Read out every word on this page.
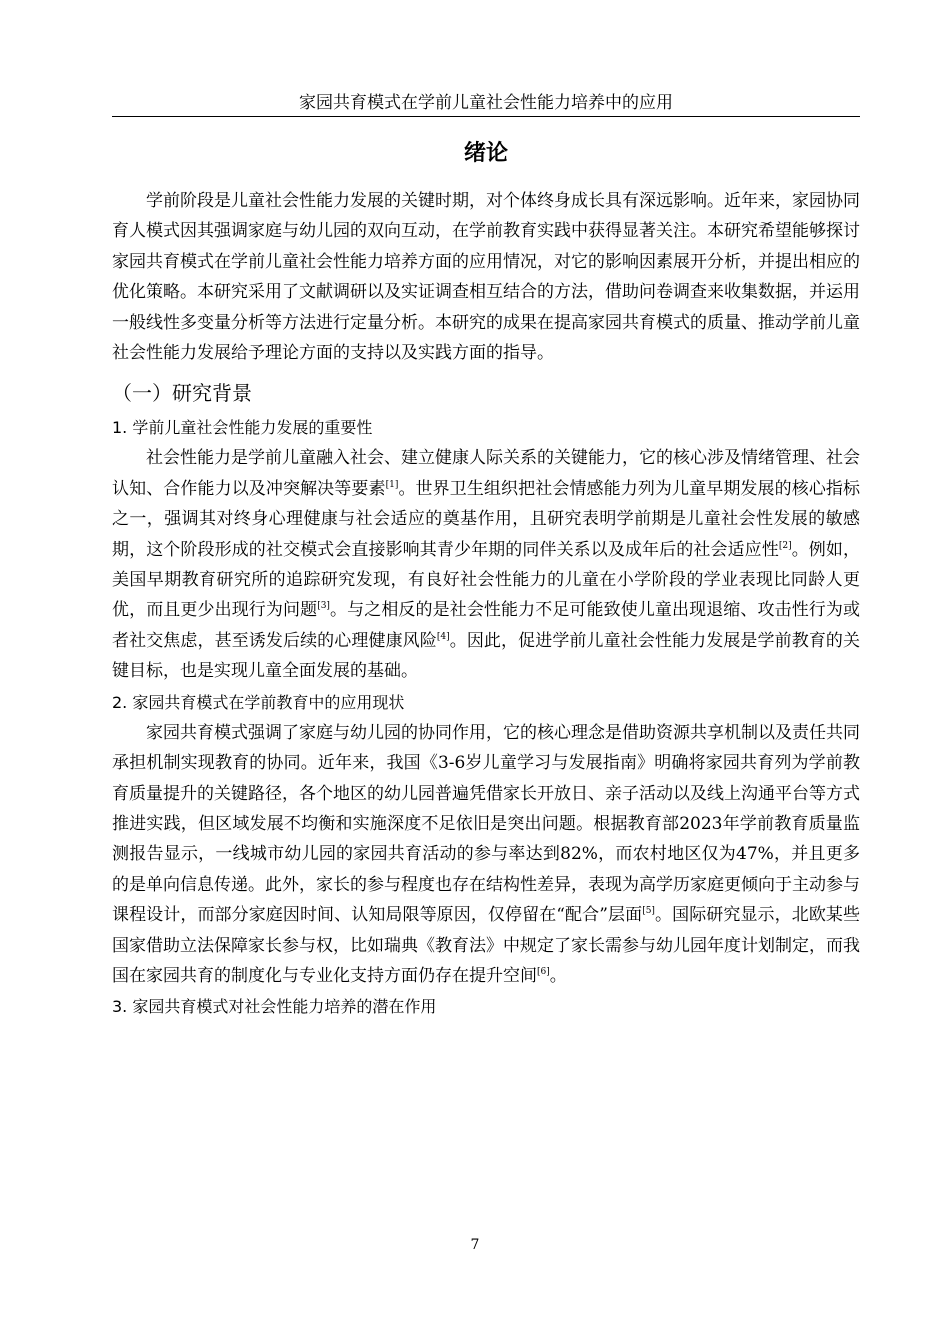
家园共育模式在学前儿童社会性能力培养中的应用
绪论

学前阶段是儿童社会性能力发展的关键时期，对个体终身成长具有深远影响。近年来，家园协同育人模式因其强调家庭与幼儿园的双向互动，在学前教育实践中获得显著关注。本研究希望能够探讨家园共育模式在学前儿童社会性能力培养方面的应用情况，对它的影响因素展开分析，并提出相应的优化策略。本研究采用了文献调研以及实证调查相互结合的方法，借助问卷调查来收集数据，并运用一般线性多变量分析等方法进行定量分析。本研究的成果在提高家园共育模式的质量、推动学前儿童社会性能力发展给予理论方面的支持以及实践方面的指导。

（一）研究背景
1. 学前儿童社会性能力发展的重要性

社会性能力是学前儿童融入社会、建立健康人际关系的关键能力，它的核心涉及情绪管理、社会认知、合作能力以及冲突解决等要素[1]。世界卫生组织把社会情感能力列为儿童早期发展的核心指标之一，强调其对终身心理健康与社会适应的奠基作用，且研究表明学前期是儿童社会性发展的敏感期，这个阶段形成的社交模式会直接影响其青少年期的同伴关系以及成年后的社会适应性[2]。例如，美国早期教育研究所的追踪研究发现，有良好社会性能力的儿童在小学阶段的学业表现比同龄人更优，而且更少出现行为问题[3]。与之相反的是社会性能力不足可能致使儿童出现退缩、攻击性行为或者社交焦虑，甚至诱发后续的心理健康风险[4]。因此，促进学前儿童社会性能力发展是学前教育的关键目标，也是实现儿童全面发展的基础。

2. 家园共育模式在学前教育中的应用现状

家园共育模式强调了家庭与幼儿园的协同作用，它的核心理念是借助资源共享机制以及责任共同承担机制实现教育的协同。近年来，我国《3-6岁儿童学习与发展指南》明确将家园共育列为学前教育质量提升的关键路径，各个地区的幼儿园普遍凭借家长开放日、亲子活动以及线上沟通平台等方式推进实践，但区域发展不均衡和实施深度不足依旧是突出问题。根据教育部2023年学前教育质量监测报告显示，一线城市幼儿园的家园共育活动的参与率达到82%，而农村地区仅为47%，并且更多的是单向信息传递。此外，家长的参与程度也存在结构性差异，表现为高学历家庭更倾向于主动参与课程设计，而部分家庭因时间、认知局限等原因，仅停留在“配合”层面[5]。国际研究显示，北欧某些国家借助立法保障家长参与权，比如瑞典《教育法》中规定了家长需参与幼儿园年度计划制定，而我国在家园共育的制度化与专业化支持方面仍存在提升空间[6]。

3. 家园共育模式对社会性能力培养的潜在作用
7
